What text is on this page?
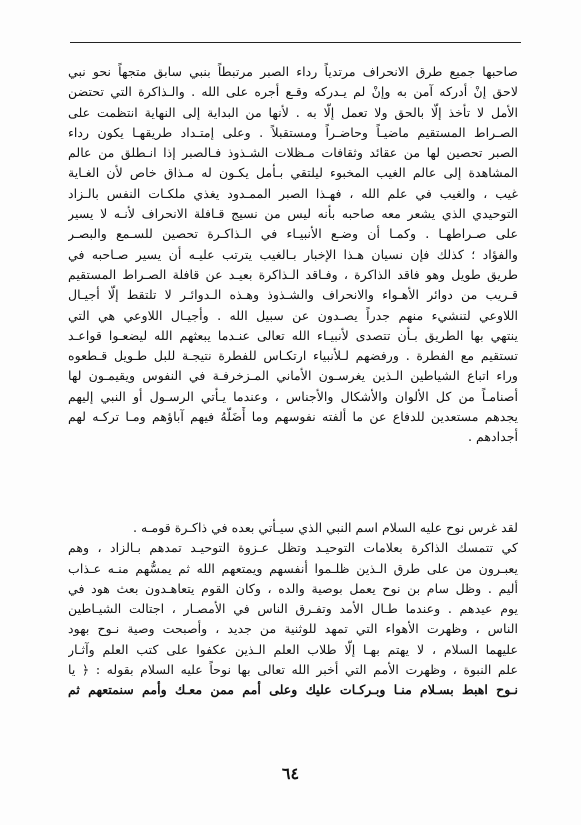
صاحبها جميع طرق الانحراف مرتدياً رداء الصبر مرتبطاً بنبي سابق متجهاً نحو نبي
لاحق إنْ أدركه آمن به وإنْ لم يـدركه وقـع أجره على الله . والـذاكرة التي تحتضن
الأمل لا تأخذ إلّا بالحق ولا تعمل إلّا به . لأنها من البداية إلى النهاية انتظمت على
الصـراط المستقيم ماضيـاً وحاضـراً ومستقبلاً . وعلى إمتـداد طريقهـا يكون رداء
الصبر تحصين لها من عقائد وثقافات مـظلات الشـذوذ فـالصبر إذا انـطلق من عالم
المشاهدة إلى عالم الغيب المخبوء ليلتقي بـأمل يكـون له مـذاق خاص لأن الغـاية
غيب ، والغيب في علم الله ، فهـذا الصبر الممـدود يغذي ملكـات النفس بالـزاد
التوحيدي الذي يشعر معه صاحبه بأنه ليس من نسيج قـافلة الانحراف لأنـه لا يسير
على صـراطهـا . وكمـا أن وضـع الأنبيـاء في الـذاكـرة تحصين للسـمع والبصـر
والفؤاد ؛ كذلك فإن نسيان هـذا الإخبار بـالغيب يترتب عليـه أن يسير صـاحبه في
طريق طويل وهو فاقد الذاكرة ، وفـاقد الـذاكرة بعيـد عن قافلة الصـراط المستقيم
قـريب من دوائر الأهـواء والانحراف والشـذوذ وهـذه الـدوائـر لا تلتقط إلّا أجيـال
اللاوعي لتنشيء منهم جدراً يصـدون عن سبيل الله . وأجيـال اللاوعي هي التي
ينتهي بها الطريق بـأن تتصدى لأنبيـاء الله تعالى عنـدما يبعثهم الله ليضعـوا قواعـد
تستقيم مع الفطرة . ورفضهم لـلأنبياء ارتكـاس للفطرة نتيجـة للبل طـويل قـطعوه
وراء اتباع الشياطين الـذين يغرسـون الأماني المـزخرفـة في النفوس ويقيمـون لها
أصنامـاً من كل الألوان والأشكال والأجناس ، وعندما يـأتي الرسـول أو النبي إليهم
يجدهم مستعدين للدفاع عن ما ألفته نفوسهم وما أَضَلَّهُ فيهم آباؤهم ومـا تركـه لهم
أجدادهم .
لقد غرس نوح عليه السلام اسم النبي الذي سيـأتي بعده في ذاكـرة قومـه .
كي تتمسك الذاكرة بعلامات التوحيـد وتظل عـزوة التوحيـد تمدهم بـالزاد ، وهم
يعبـرون من على طرق الـذين ظلـموا أنفسهم ويمتعهم الله ثم يمسُّهم منـه عـذاب
أليم . وظل سام بن نوح يعمل بوصية والده ، وكان القوم يتعاهـدون بعث هود في
يوم عيدهم . وعندما طـال الأمد وتفـرق الناس في الأمصـار ، اجتالت الشيـاطين
الناس ، وظهرت الأهواء التي تمهد للوثنية من جديد ، وأصبحت وصية نـوح بهود
عليهما السلام ، لا يهتم بهـا إلّا طلاب العلم الـذين عكفوا على كتب العلم وآثـار
علم النبوة ، وظهرت الأمم التي أخبر الله تعالى بها نوحاً عليه السلام بقوله : ﴿ يا
نـوح اهبط بسـلام منـا وبـركـات عليك وعلى أمم ممن معـك وأمم سنمتعهم ثم
٦٤
